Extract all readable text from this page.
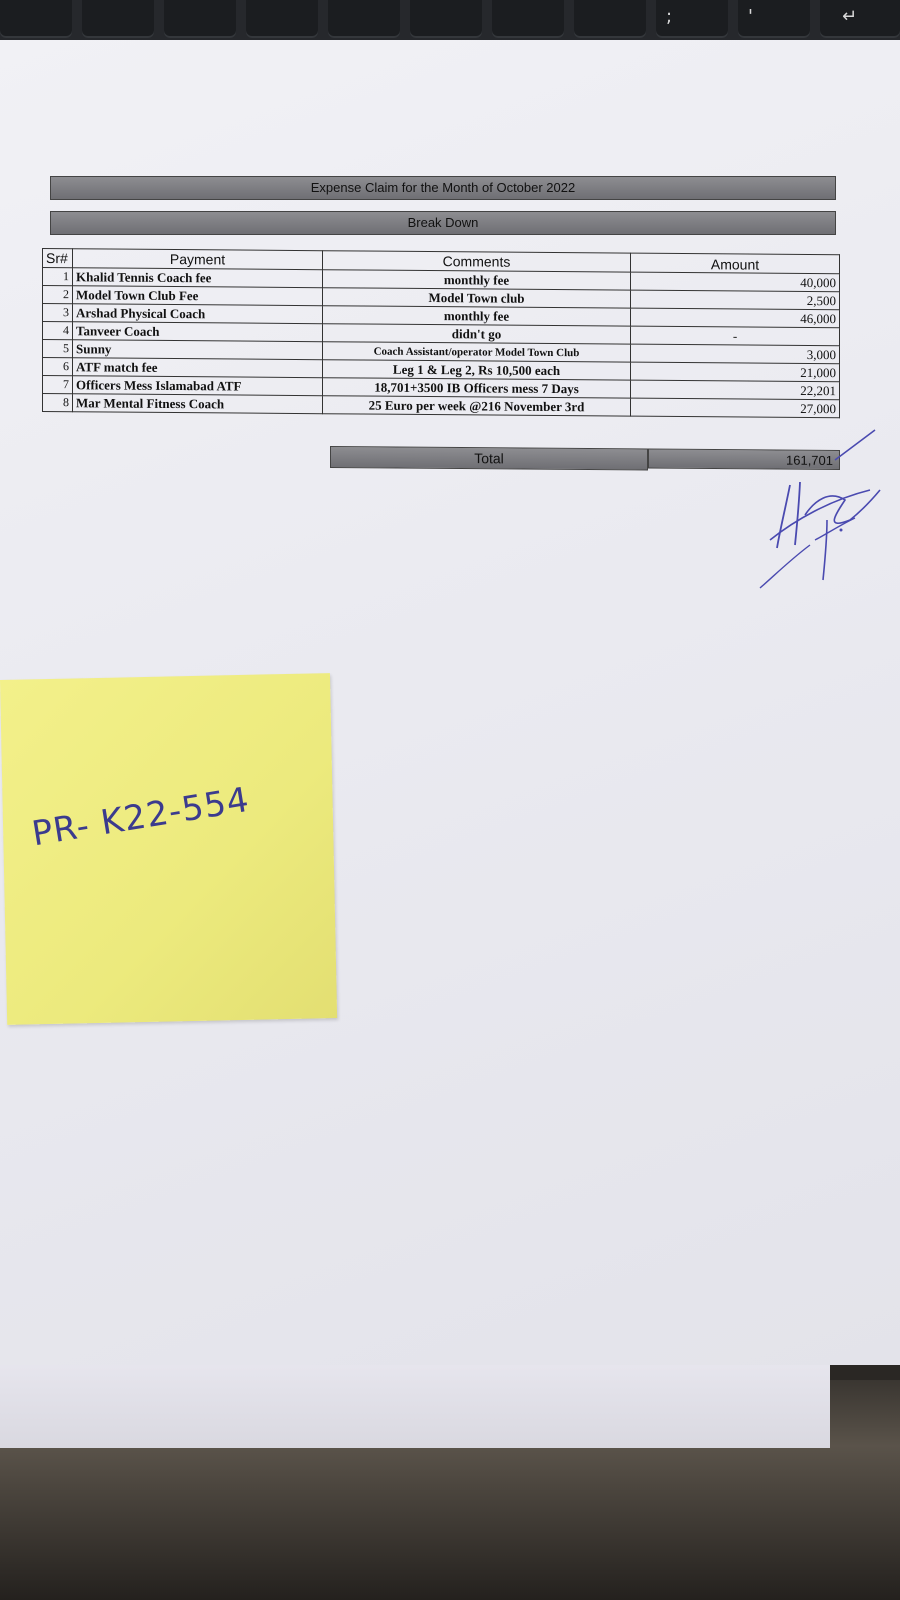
;	'	↵
Expense Claim for the Month of October 2022
Break Down
Sr#	Payment	Comments	Amount
1	Khalid Tennis Coach fee	monthly fee	40,000
2	Model Town Club Fee	Model Town club	2,500
3	Arshad Physical Coach	monthly fee	46,000
4	Tanveer Coach	didn't go	-
5	Sunny	Coach Assistant/operator Model Town Club	3,000
6	ATF match fee	Leg 1 & Leg 2, Rs 10,500 each	21,000
7	Officers Mess Islamabad ATF	18,701+3500 IB Officers mess 7 Days	22,201
8	Mar Mental Fitness Coach	25 Euro per week @216 November 3rd	27,000
Total	161,701
PR- K22-554
